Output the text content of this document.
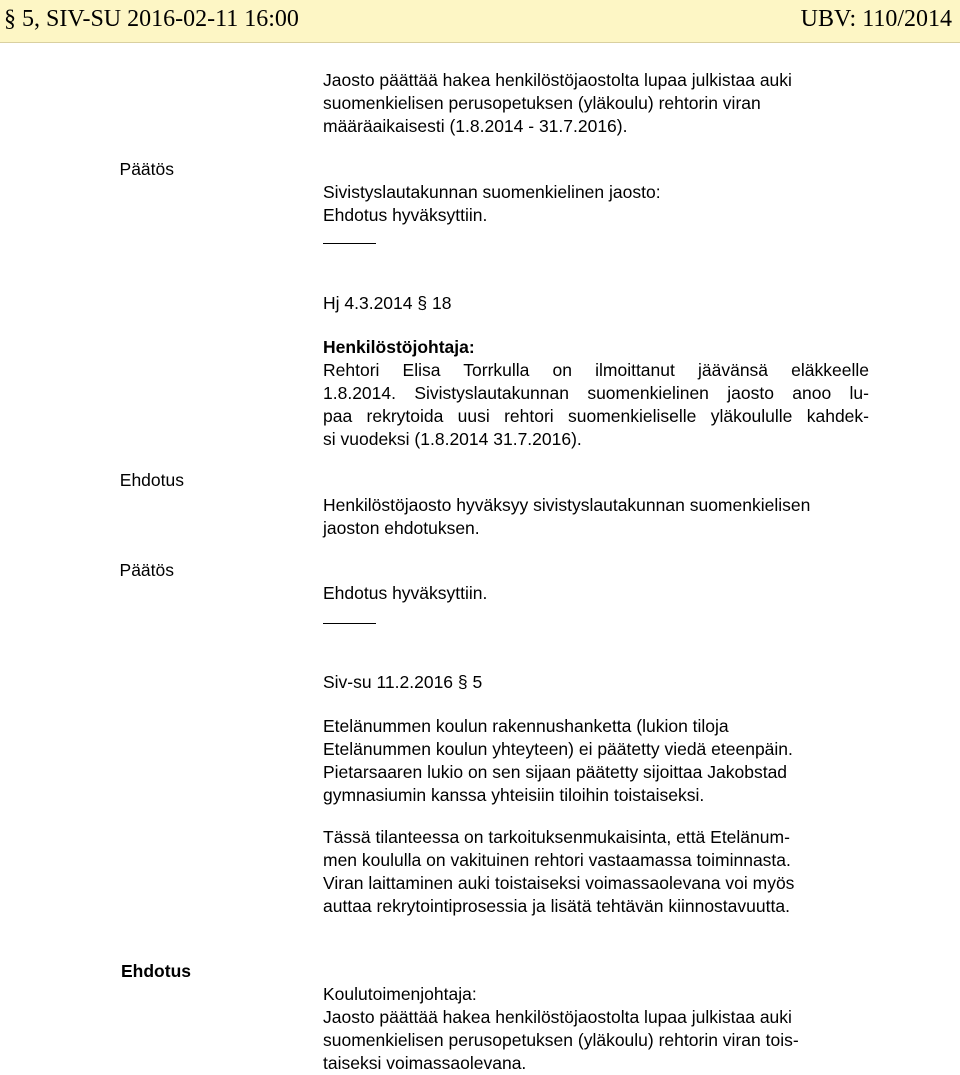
§ 5, SIV-SU 2016-02-11 16:00	UBV: 110/2014
Jaosto päättää hakea henkilöstöjaostolta lupaa julkistaa auki
suomenkielisen perusopetuksen (yläkoulu) rehtorin viran
määräaikaisesti (1.8.2014 - 31.7.2016).
Päätös
Sivistyslautakunnan suomenkielinen jaosto:
Ehdotus hyväksyttiin.
Hj 4.3.2014 § 18
Henkilöstöjohtaja:
Rehtori Elisa Torrkulla on ilmoittanut jäävänsä eläkkeelle
1.8.2014. Sivistyslautakunnan suomenkielinen jaosto anoo lu-
paa rekrytoida uusi rehtori suomenkieliselle yläkoululle kahdek-
si vuodeksi (1.8.2014 31.7.2016).
Ehdotus
Henkilöstöjaosto hyväksyy sivistyslautakunnan suomenkielisen
jaoston ehdotuksen.
Päätös
Ehdotus hyväksyttiin.
Siv-su 11.2.2016 § 5
Etelänummen koulun rakennushanketta (lukion tiloja
Etelänummen koulun yhteyteen) ei päätetty viedä eteenpäin.
Pietarsaaren lukio on sen sijaan päätetty sijoittaa Jakobstad
gymnasiumin kanssa yhteisiin tiloihin toistaiseksi.
Tässä tilanteessa on tarkoituksenmukaisinta, että Etelänum-
men koululla on vakituinen rehtori vastaamassa toiminnasta.
Viran laittaminen auki toistaiseksi voimassaolevana voi myös
auttaa rekrytointiprosessia ja lisätä tehtävän kiinnostavuutta.
Ehdotus
Koulutoimenjohtaja:
Jaosto päättää hakea henkilöstöjaostolta lupaa julkistaa auki
suomenkielisen perusopetuksen (yläkoulu) rehtorin viran tois-
taiseksi voimassaolevana.
